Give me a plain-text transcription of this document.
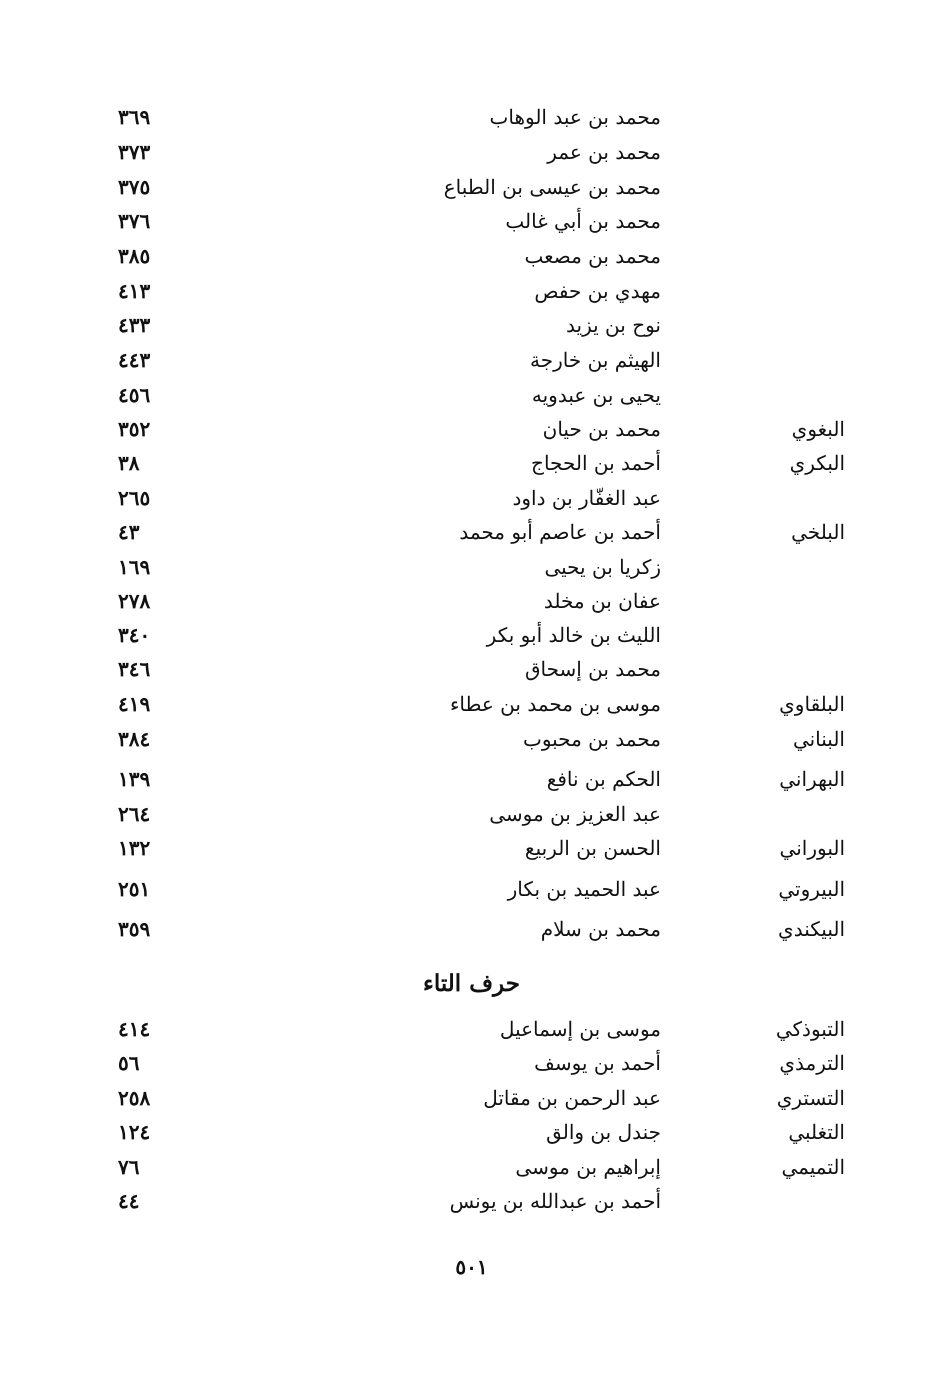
محمد بن عبد الوهاب
٣٦٩
محمد بن عمر
٣٧٣
محمد بن عيسى بن الطباع
٣٧٥
محمد بن أبي غالب
٣٧٦
محمد بن مصعب
٣٨٥
مهدي بن حفص
٤١٣
نوح بن يزيد
٤٣٣
الهيثم بن خارجة
٤٤٣
يحيى بن عبدويه
٤٥٦
البغوي
محمد بن حيان
٣٥٢
البكري
أحمد بن الحجاج
٣٨
عبد الغفّار بن داود
٢٦٥
البلخي
أحمد بن عاصم أبو محمد
٤٣
زكريا بن يحيى
١٦٩
عفان بن مخلد
٢٧٨
الليث بن خالد أبو بكر
٣٤٠
محمد بن إسحاق
٣٤٦
البلقاوي
موسى بن محمد بن عطاء
٤١٩
البناني
محمد بن محبوب
٣٨٤
البهراني
الحكم بن نافع
١٣٩
عبد العزيز بن موسى
٢٦٤
البوراني
الحسن بن الربيع
١٣٢
البيروتي
عبد الحميد بن بكار
٢٥١
البيكندي
محمد بن سلام
٣٥٩
حرف التاء
التبوذكي
موسى بن إسماعيل
٤١٤
الترمذي
أحمد بن يوسف
٥٦
التستري
عبد الرحمن بن مقاتل
٢٥٨
التغلبي
جندل بن والق
١٢٤
التميمي
إبراهيم بن موسى
٧٦
أحمد بن عبدالله بن يونس
٤٤
٥٠١
